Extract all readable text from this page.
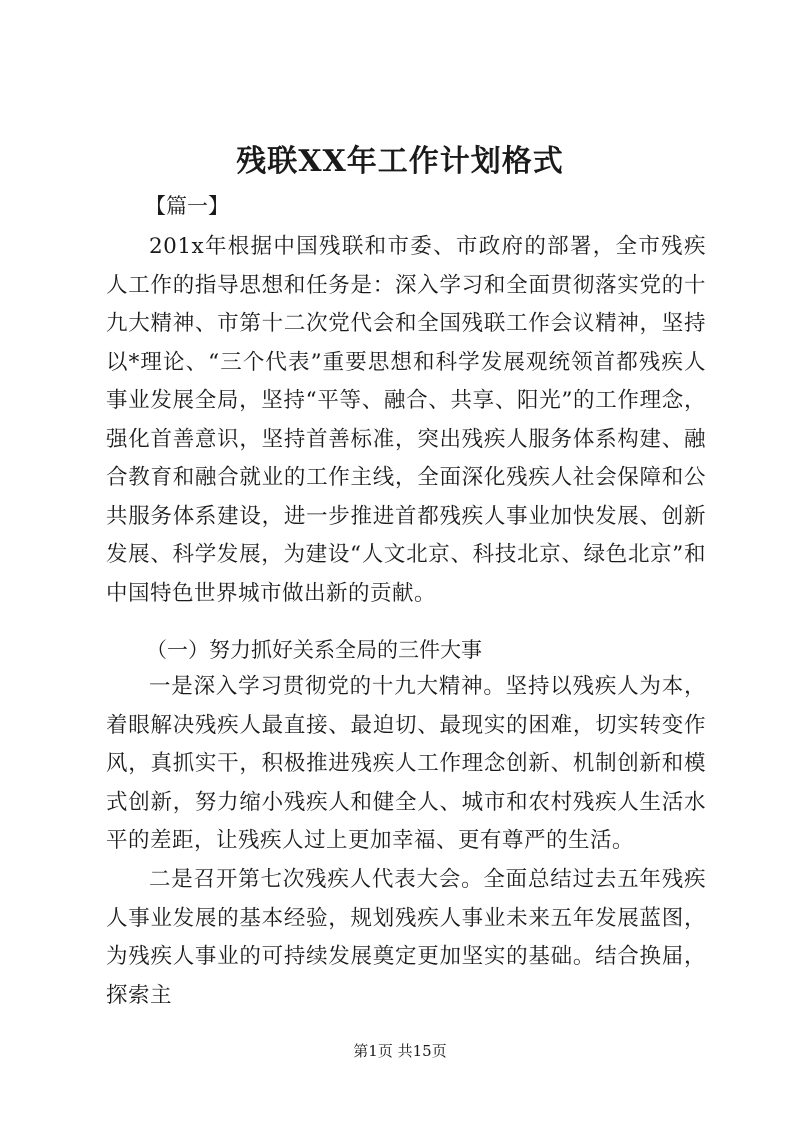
残联XX年工作计划格式

【篇一】

201x年根据中国残联和市委、市政府的部署，全市残疾人工作的指导思想和任务是：深入学习和全面贯彻落实党的十九大精神、市第十二次党代会和全国残联工作会议精神，坚持以*理论、“三个代表”重要思想和科学发展观统领首都残疾人事业发展全局，坚持“平等、融合、共享、阳光”的工作理念，强化首善意识，坚持首善标准，突出残疾人服务体系构建、融合教育和融合就业的工作主线，全面深化残疾人社会保障和公共服务体系建设，进一步推进首都残疾人事业加快发展、创新发展、科学发展，为建设“人文北京、科技北京、绿色北京”和中国特色世界城市做出新的贡献。

（一）努力抓好关系全局的三件大事

一是深入学习贯彻党的十九大精神。坚持以残疾人为本，着眼解决残疾人最直接、最迫切、最现实的困难，切实转变作风，真抓实干，积极推进残疾人工作理念创新、机制创新和模式创新，努力缩小残疾人和健全人、城市和农村残疾人生活水平的差距，让残疾人过上更加幸福、更有尊严的生活。

二是召开第七次残疾人代表大会。全面总结过去五年残疾人事业发展的基本经验，规划残疾人事业未来五年发展蓝图，为残疾人事业的可持续发展奠定更加坚实的基础。结合换届，探索主

第1页 共15页
